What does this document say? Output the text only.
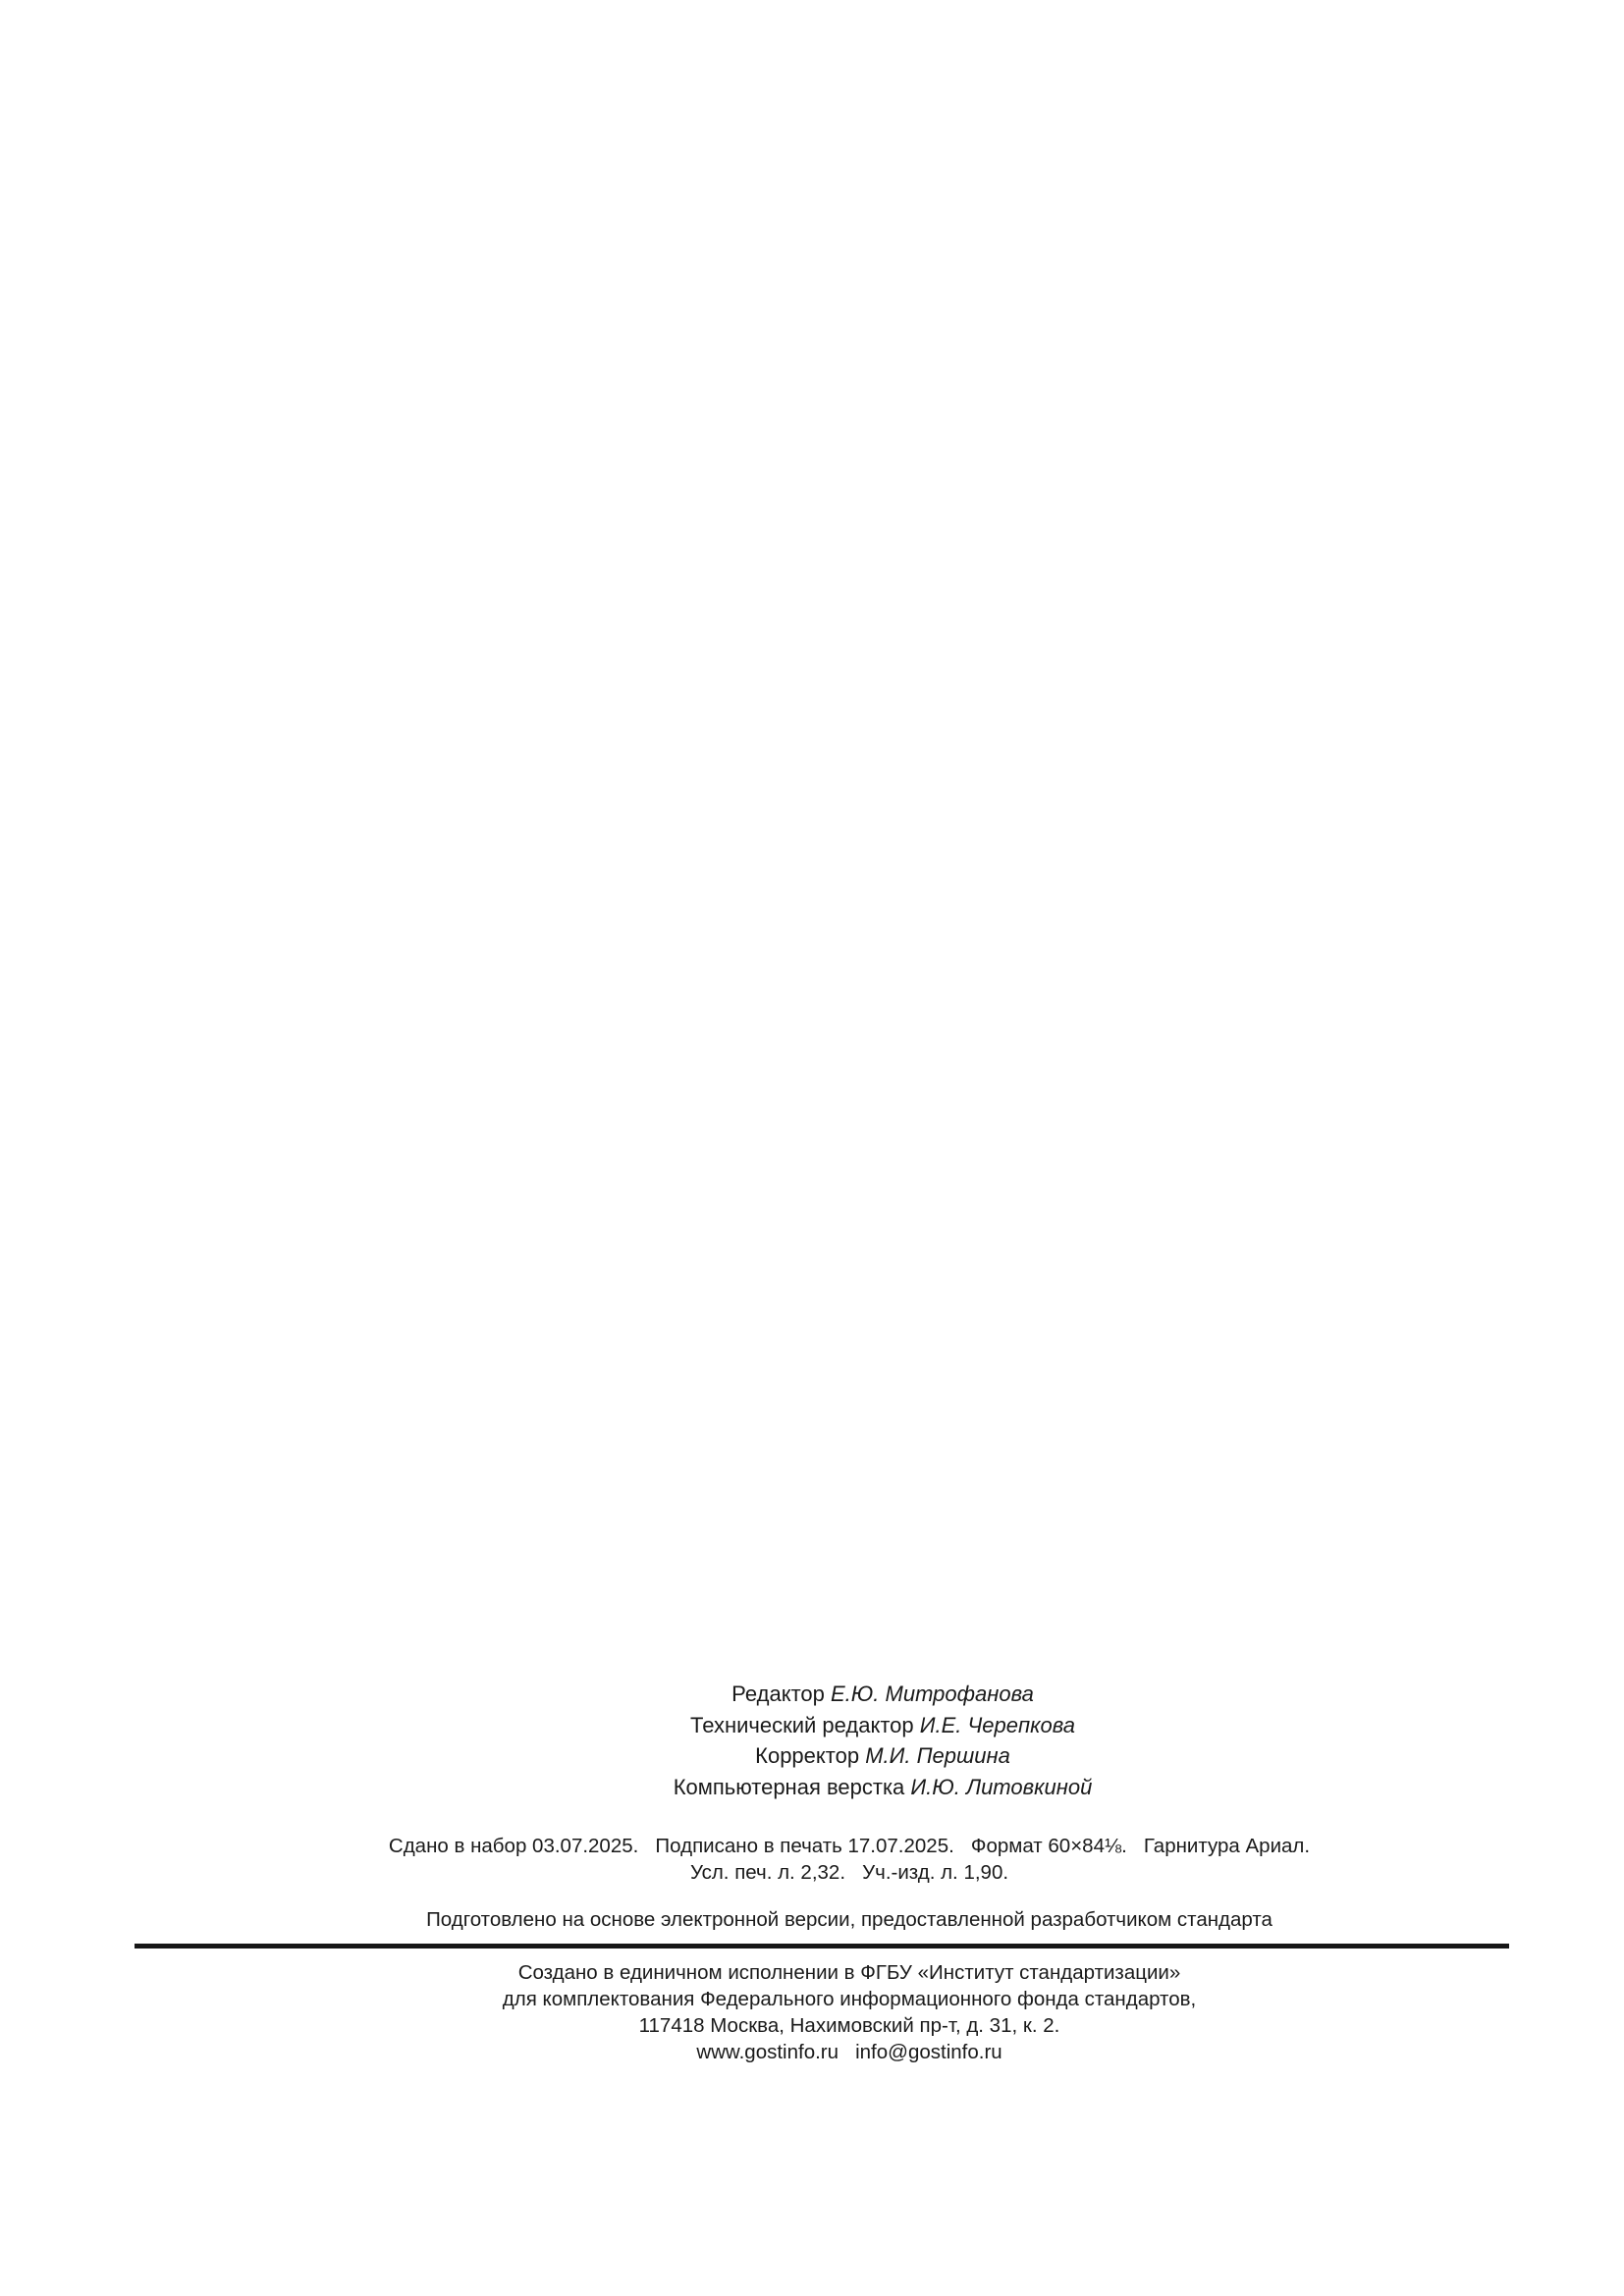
Редактор Е.Ю. Митрофанова
Технический редактор И.Е. Черепкова
Корректор М.И. Першина
Компьютерная верстка И.Ю. Литовкиной
Сдано в набор 03.07.2025.   Подписано в печать 17.07.2025.   Формат 60×84⅛.   Гарнитура Ариал.
Усл. печ. л. 2,32.   Уч.-изд. л. 1,90.
Подготовлено на основе электронной версии, предоставленной разработчиком стандарта
Создано в единичном исполнении в ФГБУ «Институт стандартизации»
для комплектования Федерального информационного фонда стандартов,
117418 Москва, Нахимовский пр-т, д. 31, к. 2.
www.gostinfo.ru   info@gostinfo.ru
